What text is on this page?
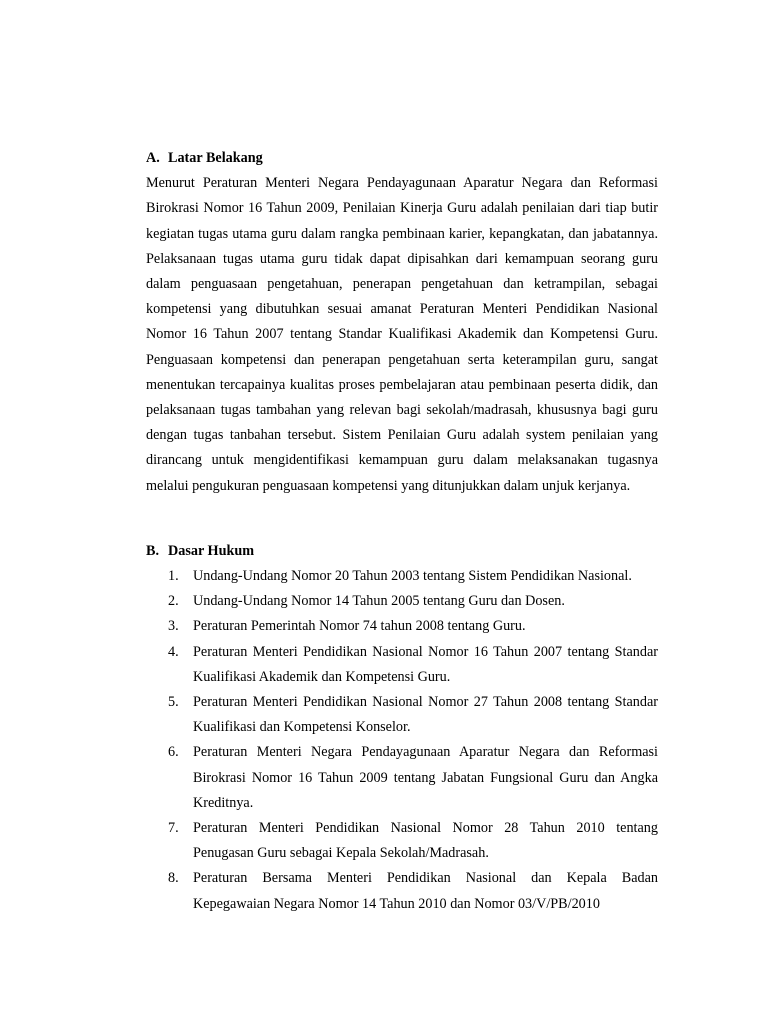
A. Latar Belakang

Menurut Peraturan Menteri Negara Pendayagunaan Aparatur Negara dan Reformasi Birokrasi Nomor 16 Tahun 2009, Penilaian Kinerja Guru adalah penilaian dari tiap butir kegiatan tugas utama guru dalam rangka pembinaan karier, kepangkatan, dan jabatannya. Pelaksanaan tugas utama guru tidak dapat dipisahkan dari kemampuan seorang guru dalam penguasaan pengetahuan, penerapan pengetahuan dan ketrampilan, sebagai kompetensi yang dibutuhkan sesuai amanat Peraturan Menteri Pendidikan Nasional Nomor 16 Tahun 2007 tentang Standar Kualifikasi Akademik dan Kompetensi Guru. Penguasaan kompetensi dan penerapan pengetahuan serta keterampilan guru, sangat menentukan tercapainya kualitas proses pembelajaran atau pembinaan peserta didik, dan pelaksanaan tugas tambahan yang relevan bagi sekolah/madrasah, khususnya bagi guru dengan tugas tanbahan tersebut. Sistem Penilaian Guru adalah system penilaian yang dirancang untuk mengidentifikasi kemampuan guru dalam melaksanakan tugasnya melalui pengukuran penguasaan kompetensi yang ditunjukkan dalam unjuk kerjanya.

B. Dasar Hukum
1. Undang-Undang Nomor 20 Tahun 2003 tentang Sistem Pendidikan Nasional.
2. Undang-Undang Nomor 14 Tahun 2005 tentang Guru dan Dosen.
3. Peraturan Pemerintah Nomor 74 tahun 2008 tentang Guru.
4. Peraturan Menteri Pendidikan Nasional Nomor 16 Tahun 2007 tentang Standar Kualifikasi Akademik dan Kompetensi Guru.
5. Peraturan Menteri Pendidikan Nasional Nomor 27 Tahun 2008 tentang Standar Kualifikasi dan Kompetensi Konselor.
6. Peraturan Menteri Negara Pendayagunaan Aparatur Negara dan Reformasi Birokrasi Nomor 16 Tahun 2009 tentang Jabatan Fungsional Guru dan Angka Kreditnya.
7. Peraturan Menteri Pendidikan Nasional Nomor 28 Tahun 2010 tentang Penugasan Guru sebagai Kepala Sekolah/Madrasah.
8. Peraturan Bersama Menteri Pendidikan Nasional dan Kepala Badan Kepegawaian Negara Nomor 14 Tahun 2010 dan Nomor 03/V/PB/2010
